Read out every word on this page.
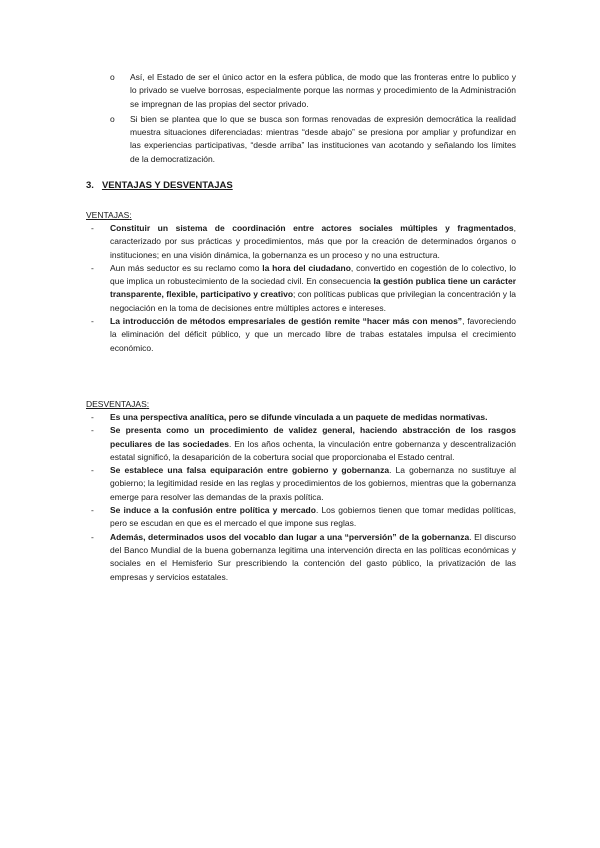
o Así, el Estado de ser el único actor en la esfera pública, de modo que las fronteras entre lo publico y lo privado se vuelve borrosas, especialmente porque las normas y procedimiento de la Administración se impregnan de las propias del sector privado.

o Si bien se plantea que lo que se busca son formas renovadas de expresión democrática la realidad muestra situaciones diferenciadas: mientras “desde abajo” se presiona por ampliar y profundizar en las experiencias participativas, “desde arriba” las instituciones van acotando y señalando los límites de la democratización.

3. VENTAJAS Y DESVENTAJAS

VENTAJAS:

- Constituir un sistema de coordinación entre actores sociales múltiples y fragmentados, caracterizado por sus prácticas y procedimientos, más que por la creación de determinados órganos o instituciones; en una visión dinámica, la gobernanza es un proceso y no una estructura.

- Aun más seductor es su reclamo como la hora del ciudadano, convertido en cogestión de lo colectivo, lo que implica un robustecimiento de la sociedad civil. En consecuencia la gestión publica tiene un carácter transparente, flexible, participativo y creativo; con políticas publicas que privilegian la concentración y la negociación en la toma de decisiones entre múltiples actores e intereses.

- La introducción de métodos empresariales de gestión remite “hacer más con menos”, favoreciendo la eliminación del déficit público, y que un mercado libre de trabas estatales impulsa el crecimiento económico.

DESVENTAJAS:

- Es una perspectiva analítica, pero se difunde vinculada a un paquete de medidas normativas.

- Se presenta como un procedimiento de validez general, haciendo abstracción de los rasgos peculiares de las sociedades. En los años ochenta, la vinculación entre gobernanza y descentralización estatal significó, la desaparición de la cobertura social que proporcionaba el Estado central.

- Se establece una falsa equiparación entre gobierno y gobernanza. La gobernanza no sustituye al gobierno; la legitimidad reside en las reglas y procedimientos de los gobiernos, mientras que la gobernanza emerge para resolver las demandas de la praxis política.

- Se induce a la confusión entre política y mercado. Los gobiernos tienen que tomar medidas políticas, pero se escudan en que es el mercado el que impone sus reglas.

- Además, determinados usos del vocablo dan lugar a una “perversión” de la gobernanza. El discurso del Banco Mundial de la buena gobernanza legitima una intervención directa en las políticas económicas y sociales en el Hemisferio Sur prescribiendo la contención del gasto público, la privatización de las empresas y servicios estatales.
